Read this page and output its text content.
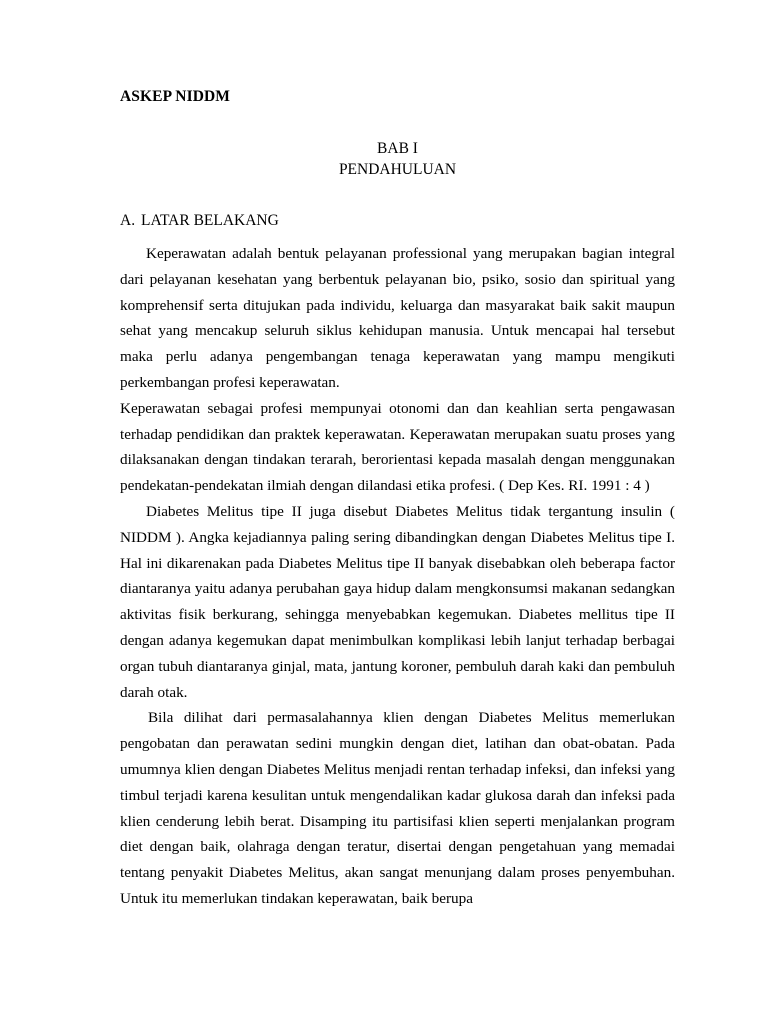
ASKEP NIDDM
BAB I
PENDAHULUAN
A. LATAR BELAKANG

Keperawatan adalah bentuk pelayanan professional yang merupakan bagian integral dari pelayanan kesehatan yang berbentuk pelayanan bio, psiko, sosio dan spiritual yang komprehensif serta ditujukan pada individu, keluarga dan masyarakat baik sakit maupun sehat yang mencakup seluruh siklus kehidupan manusia. Untuk mencapai hal tersebut maka perlu adanya pengembangan tenaga keperawatan yang mampu mengikuti perkembangan profesi keperawatan.

Keperawatan sebagai profesi mempunyai otonomi dan dan keahlian serta pengawasan terhadap pendidikan dan praktek keperawatan. Keperawatan merupakan suatu proses yang dilaksanakan dengan tindakan terarah, berorientasi kepada masalah dengan menggunakan pendekatan-pendekatan ilmiah dengan dilandasi etika profesi. ( Dep Kes. RI. 1991 : 4 )

Diabetes Melitus tipe II juga disebut Diabetes Melitus tidak tergantung insulin ( NIDDM ). Angka kejadiannya paling sering dibandingkan dengan Diabetes Melitus tipe I. Hal ini dikarenakan pada Diabetes Melitus tipe II banyak disebabkan oleh beberapa factor diantaranya yaitu adanya perubahan gaya hidup dalam mengkonsumsi makanan sedangkan aktivitas fisik berkurang, sehingga menyebabkan kegemukan. Diabetes mellitus tipe II dengan adanya kegemukan dapat menimbulkan komplikasi lebih lanjut terhadap berbagai organ tubuh diantaranya ginjal, mata, jantung koroner, pembuluh darah kaki dan pembuluh darah otak.

Bila dilihat dari permasalahannya klien dengan Diabetes Melitus memerlukan pengobatan dan perawatan sedini mungkin dengan diet, latihan dan obat-obatan. Pada umumnya klien dengan Diabetes Melitus menjadi rentan terhadap infeksi, dan infeksi yang timbul terjadi karena kesulitan untuk mengendalikan kadar glukosa darah dan infeksi pada klien cenderung lebih berat. Disamping itu partisifasi klien seperti menjalankan program diet dengan baik, olahraga dengan teratur, disertai dengan pengetahuan yang memadai tentang penyakit Diabetes Melitus, akan sangat menunjang dalam proses penyembuhan. Untuk itu memerlukan tindakan keperawatan, baik berupa
